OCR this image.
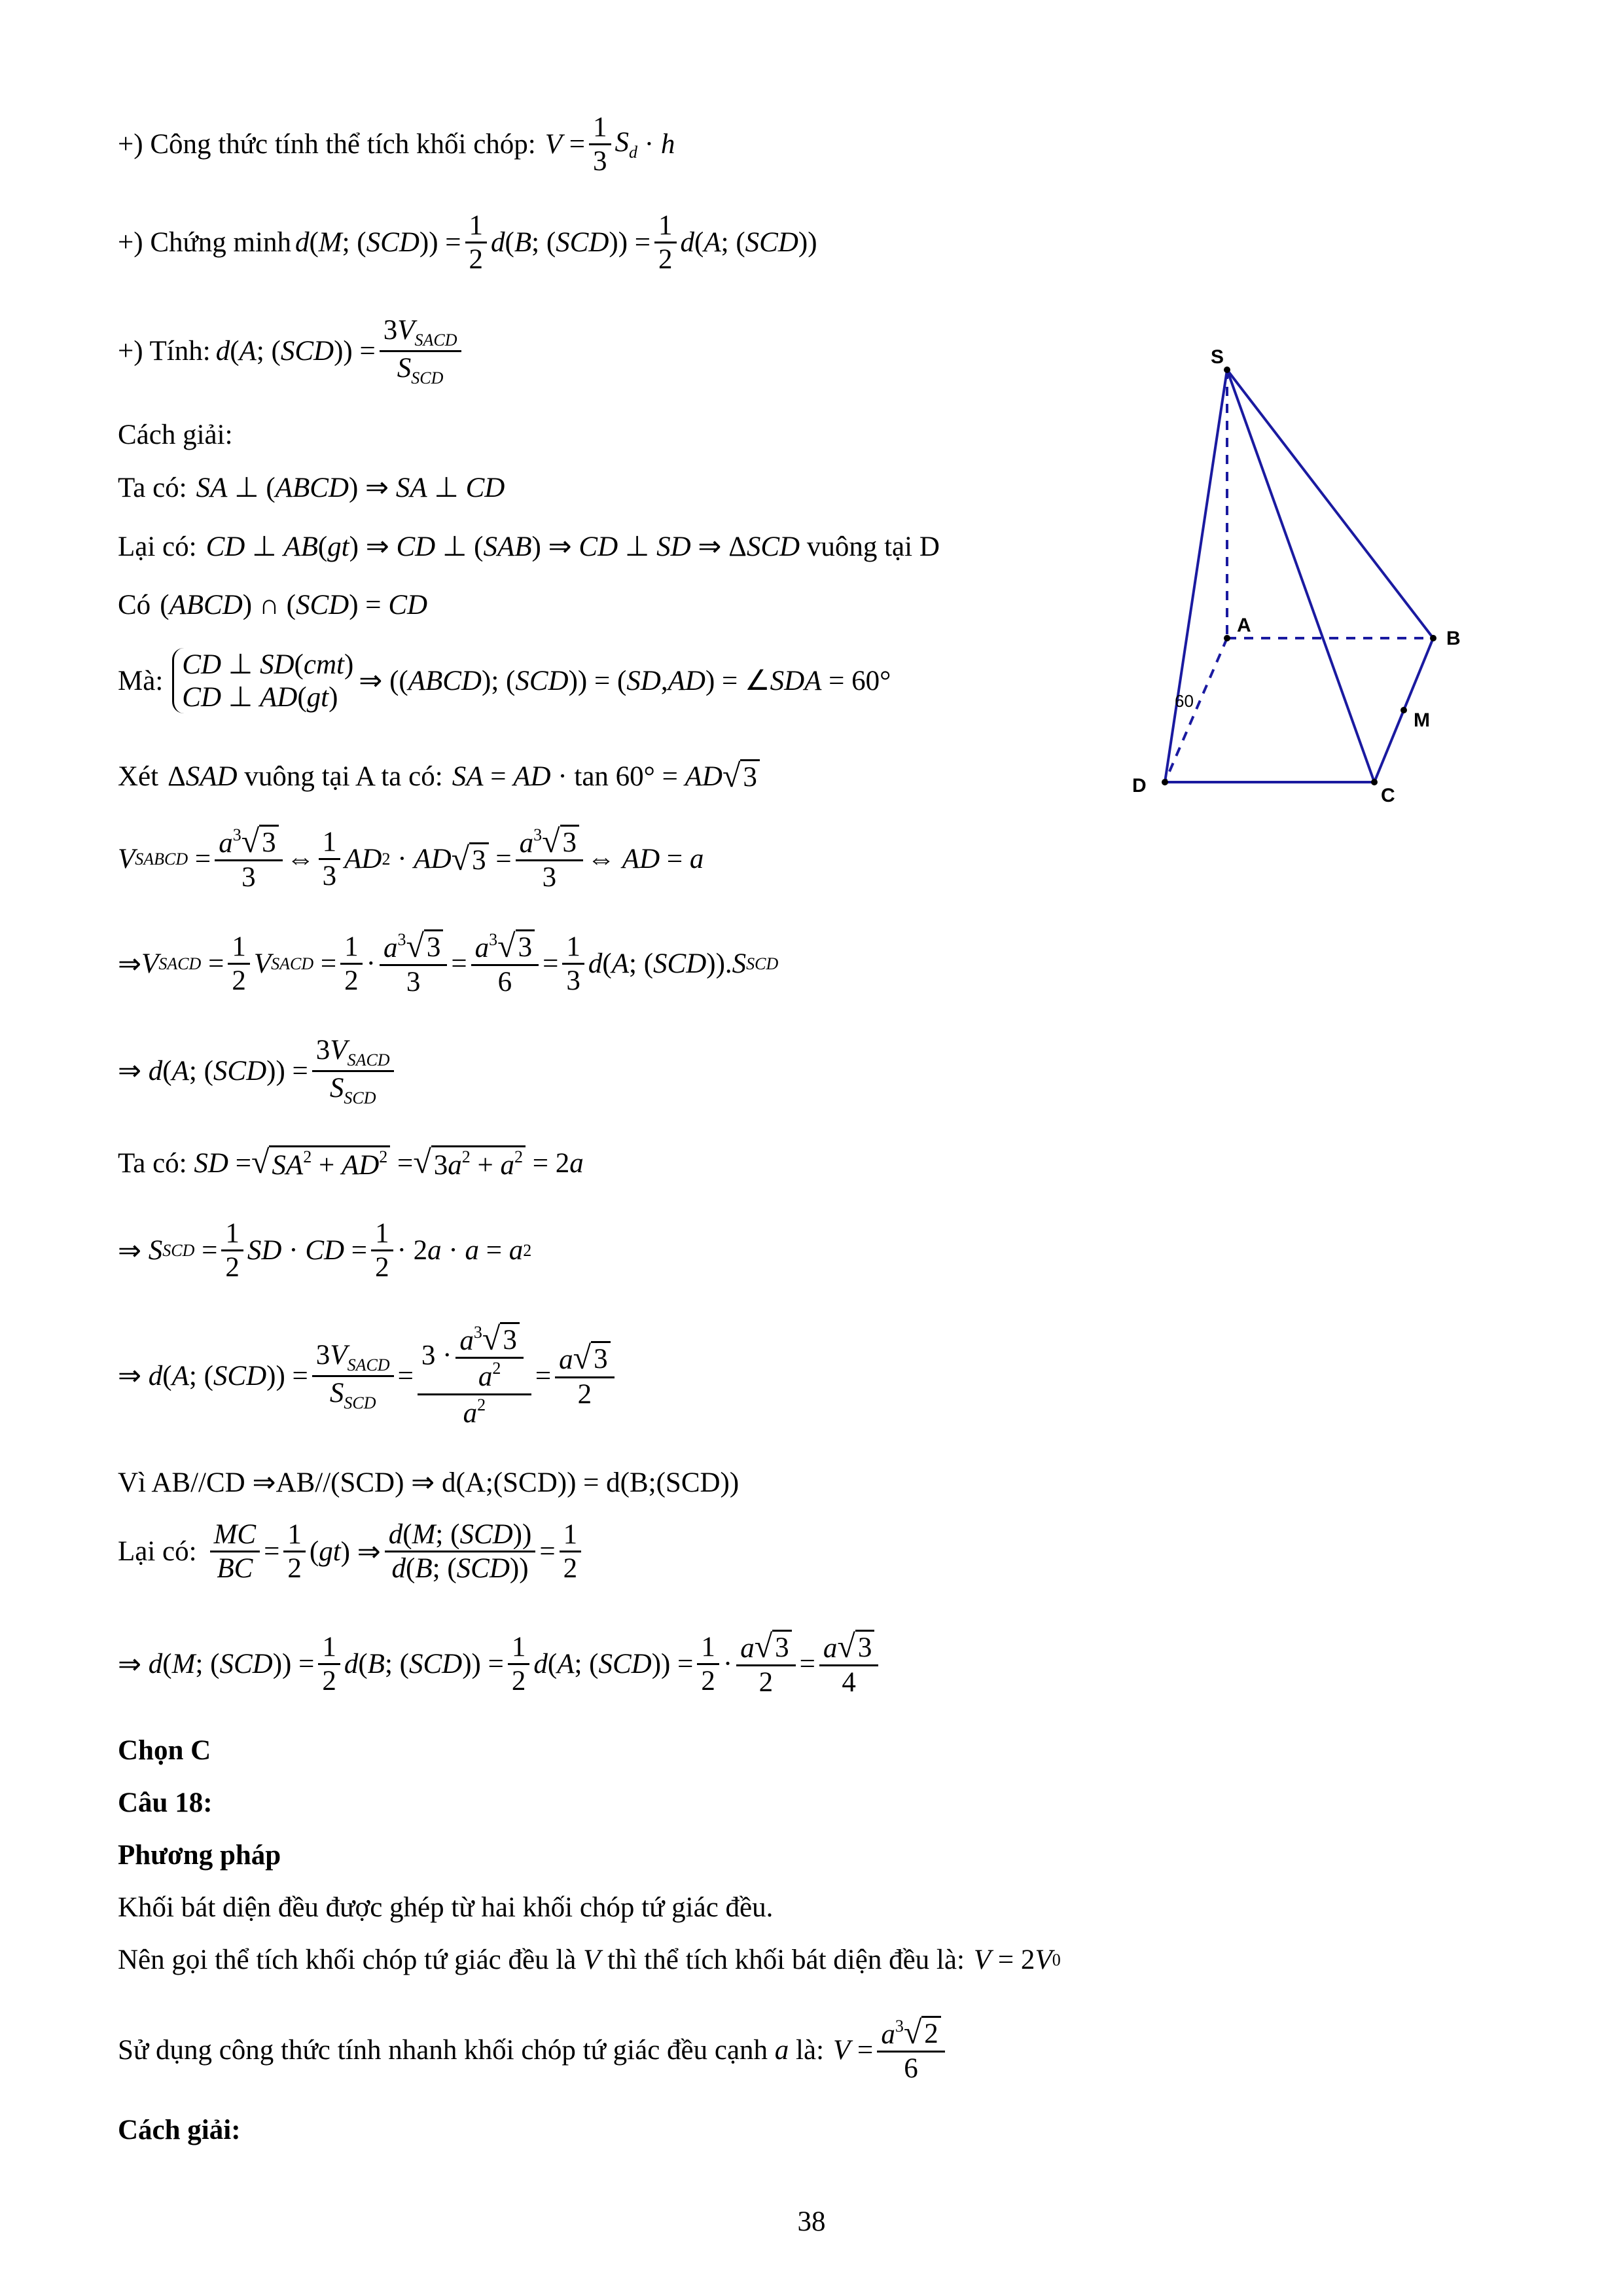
+) Công thức tính thể tích khối chóp: $V = \frac{1}{3} S_d \cdot h$
+) Chứng minh d ( M ; ( SCD )) = $\frac{1}{2}$ d ( B ; ( SCD )) = $\frac{1}{2}$ d ( A ; ( SCD ))
+) Tính: d ( A ; ( SCD )) = $\frac{3V_{SACD}}{S_{SCD}}$
Cách giải:
Ta có: SA ⊥ ( ABCD ) ⇒ SA ⊥ CD
Lại có: CD ⊥ AB ( gt ) ⇒ CD ⊥ ( SAB ) ⇒ CD ⊥ SD ⇒ Δ SCD
vuông tại D
Có ( ABCD ) ∩ ( SCD ) = CD
Mà:
CD ⊥ SD(cmt)
CD ⊥ AD(gt)
⇒ (( ABCD ); ( SCD )) = ( SD , AD ) = ∠ SDA = 60°
Xét Δ SAD
vuông tại A ta có: SA = AD · tan 60° = AD √ 3
V SABCD = $\frac{a^3 √ 3}{3}$ ⇔ $\frac{1}{3}$ AD 2 · AD √ $3 = \frac{a^3 √ 3}{3}$ ⇔ AD = a
⇒ V SACD = $\frac{1}{2}$ V SACD = $\frac{1}{2} \cdot \frac{a^3 √ 3}{3} = \frac{a^3 √ 3}{6} = \frac{1}{3}$ d ( A ; ( SCD )). S SCD
⇒ d ( A ; ( SCD )) = $\frac{3V_{SACD}}{S_{SCD}}$
Ta có: SD = √ $SA^2 + AD^2$ = √ $3a^2 + a^2 = 2$ a
⇒ S SCD = $\frac{1}{2}$ SD · CD = $\frac{1}{2} \cdot 2$ a · a = a 2
⇒ d ( A ; ( SCD )) = $\frac{3V_{SACD}}{S_{SCD}} = \frac{3 \cdot \frac{a^3 √ 3}{a^2}}{a^2} = \frac{a √ 3}{2}$
Vì AB//CD ⇒AB//(SCD) ⇒ d(A;(SCD)) = d(B;(SCD))
Lại có: $\frac{MC}{BC} = \frac{1}{2}$ ( gt ) ⇒ $\frac{\text{d(M; (SCD))}}{\text{d(B; (SCD))}} = \frac{1}{2}$
⇒ d ( M ; ( SCD )) = $\frac{1}{2}$ d ( B ; ( SCD )) = $\frac{1}{2}$ d ( A ; ( SCD )) = $\frac{1}{2} \cdot \frac{a √ 3}{2} = \frac{a √ 3}{4}$
Chọn C
Câu 18:
Phương pháp
Khối bát diện đều được ghép từ hai khối chóp tứ giác đều.
Nên gọi thể tích khối chóp tứ giác đều là V thì thể tích khối bát diện đều là: V = 2 V 0
Sử dụng công thức tính nhanh khối chóp tứ giác đều cạnh a là: $V = \frac{a^3 √ 2}{6}$
Cách giải:
S
A
B
C
D
M
60
38
